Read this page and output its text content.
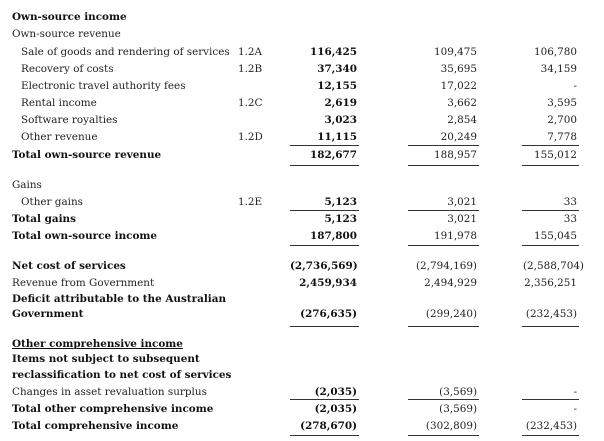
Own-source income
Own-source revenue
Sale of goods and rendering of services 1.2A	116,425	109,475	106,780
Recovery of costs	1.2B	37,340	35,695	34,159
Electronic travel authority fees	12,155	17,022	-
Rental income	1.2C	2,619	3,662	3,595
Software royalties	3,023	2,854	2,700
Other revenue	1.2D	11,115	20,249	7,778
Total own-source revenue	182,677	188,957	155,012
Gains
Other gains	1.2E	5,123	3,021	33
Total gains	5,123	3,021	33
Total own-source income	187,800	191,978	155,045
Net cost of services	(2,736,569)	(2,794,169)	(2,588,704)
Revenue from Government	2,459,934	2,494,929	2,356,251
Deficit attributable to the Australian
Government	(276,635)	(299,240)	(232,453)
Other comprehensive income
Items not subject to subsequent
reclassification to net cost of services
Changes in asset revaluation surplus	(2,035)	(3,569)	-
Total other comprehensive income	(2,035)	(3,569)	-
Total comprehensive income	(278,670)	(302,809)	(232,453)
